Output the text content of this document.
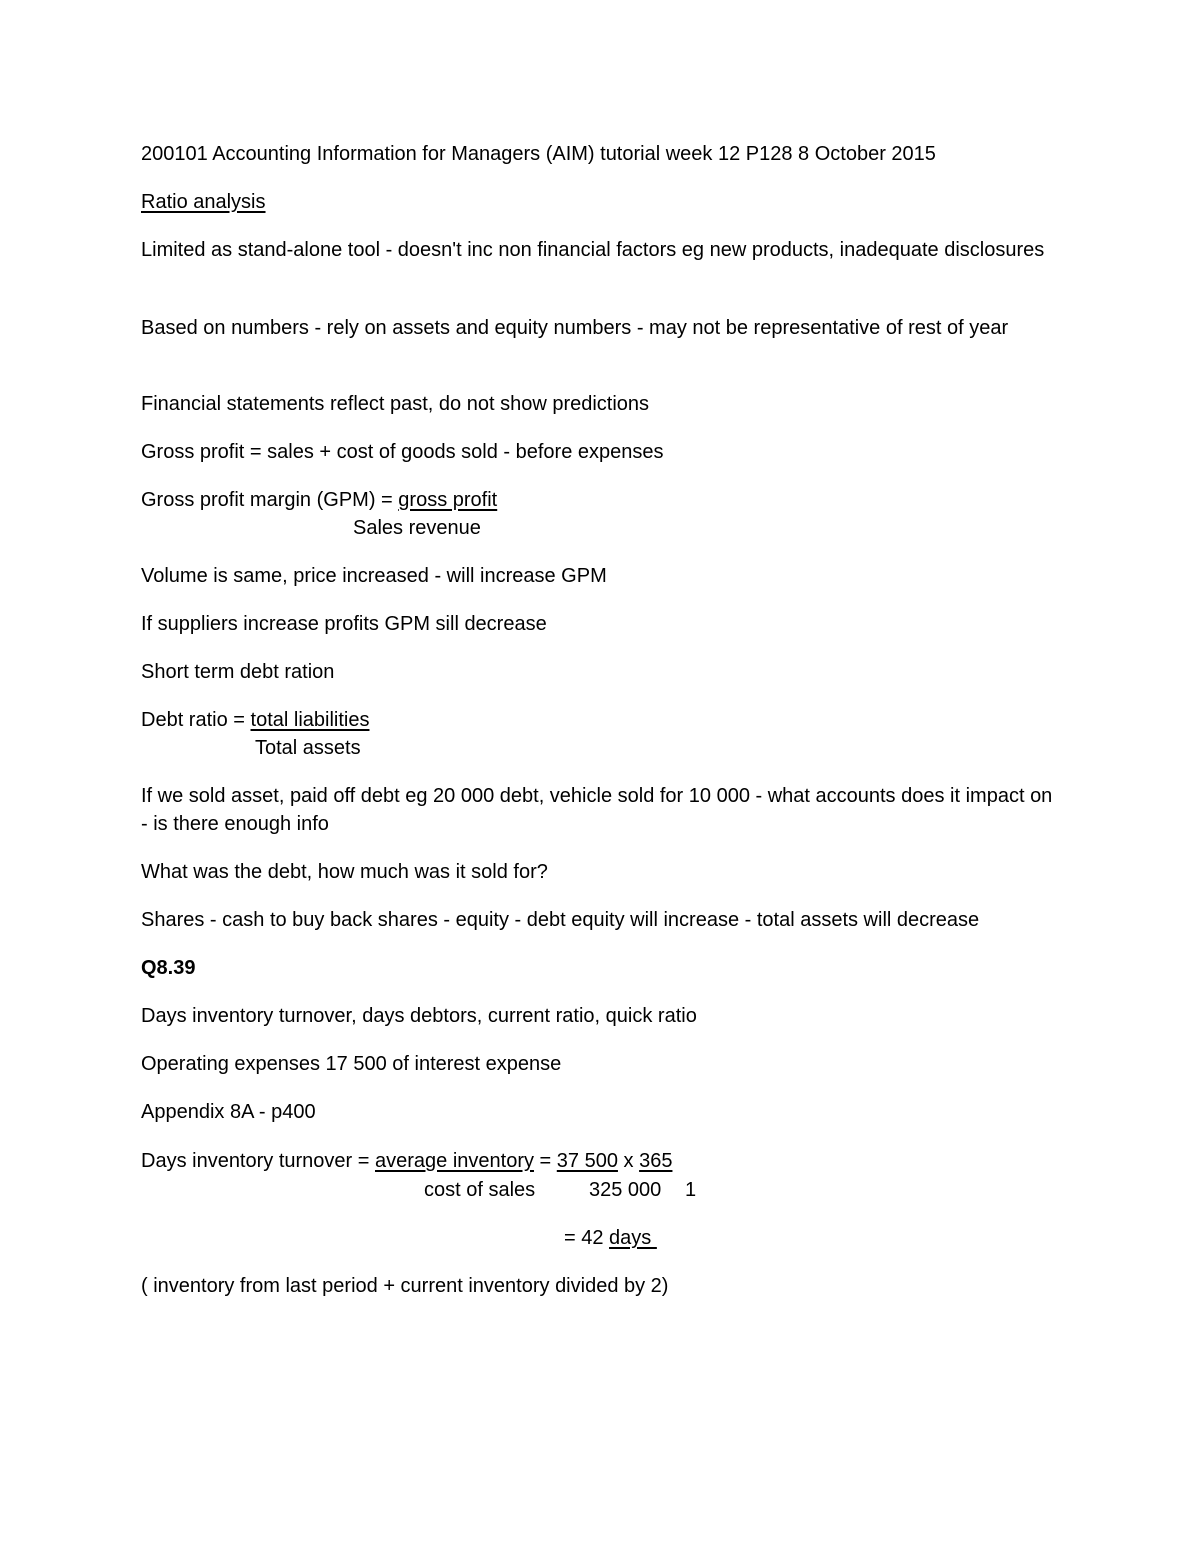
200101 Accounting Information for Managers (AIM) tutorial week 12 P128 8 October 2015
Ratio analysis
Limited as stand-alone tool - doesn't inc non financial factors eg new products, inadequate disclosures
Based on numbers - rely on assets and equity numbers - may not be representative of rest of year
Financial statements reflect past, do not show predictions
Gross profit = sales + cost of goods sold - before expenses
Gross profit margin (GPM) = gross profit
Sales revenue
Volume is same, price increased - will increase GPM
If suppliers increase profits GPM sill decrease
Short term debt ration
Debt ratio = total liabilities
Total assets
If we sold asset, paid off debt eg 20 000 debt, vehicle sold for 10 000 - what accounts does it impact on - is there enough info
What was the debt, how much was it sold for?
Shares - cash to buy back shares - equity - debt equity will increase - total assets will decrease
Q8.39
Days inventory turnover, days debtors, current ratio, quick ratio
Operating expenses 17 500 of interest expense
Appendix 8A - p400
Days inventory turnover = average inventory = 37 500 x 365
cost of sales	325 000 1
= 42 days
( inventory from last period + current inventory divided by 2)
